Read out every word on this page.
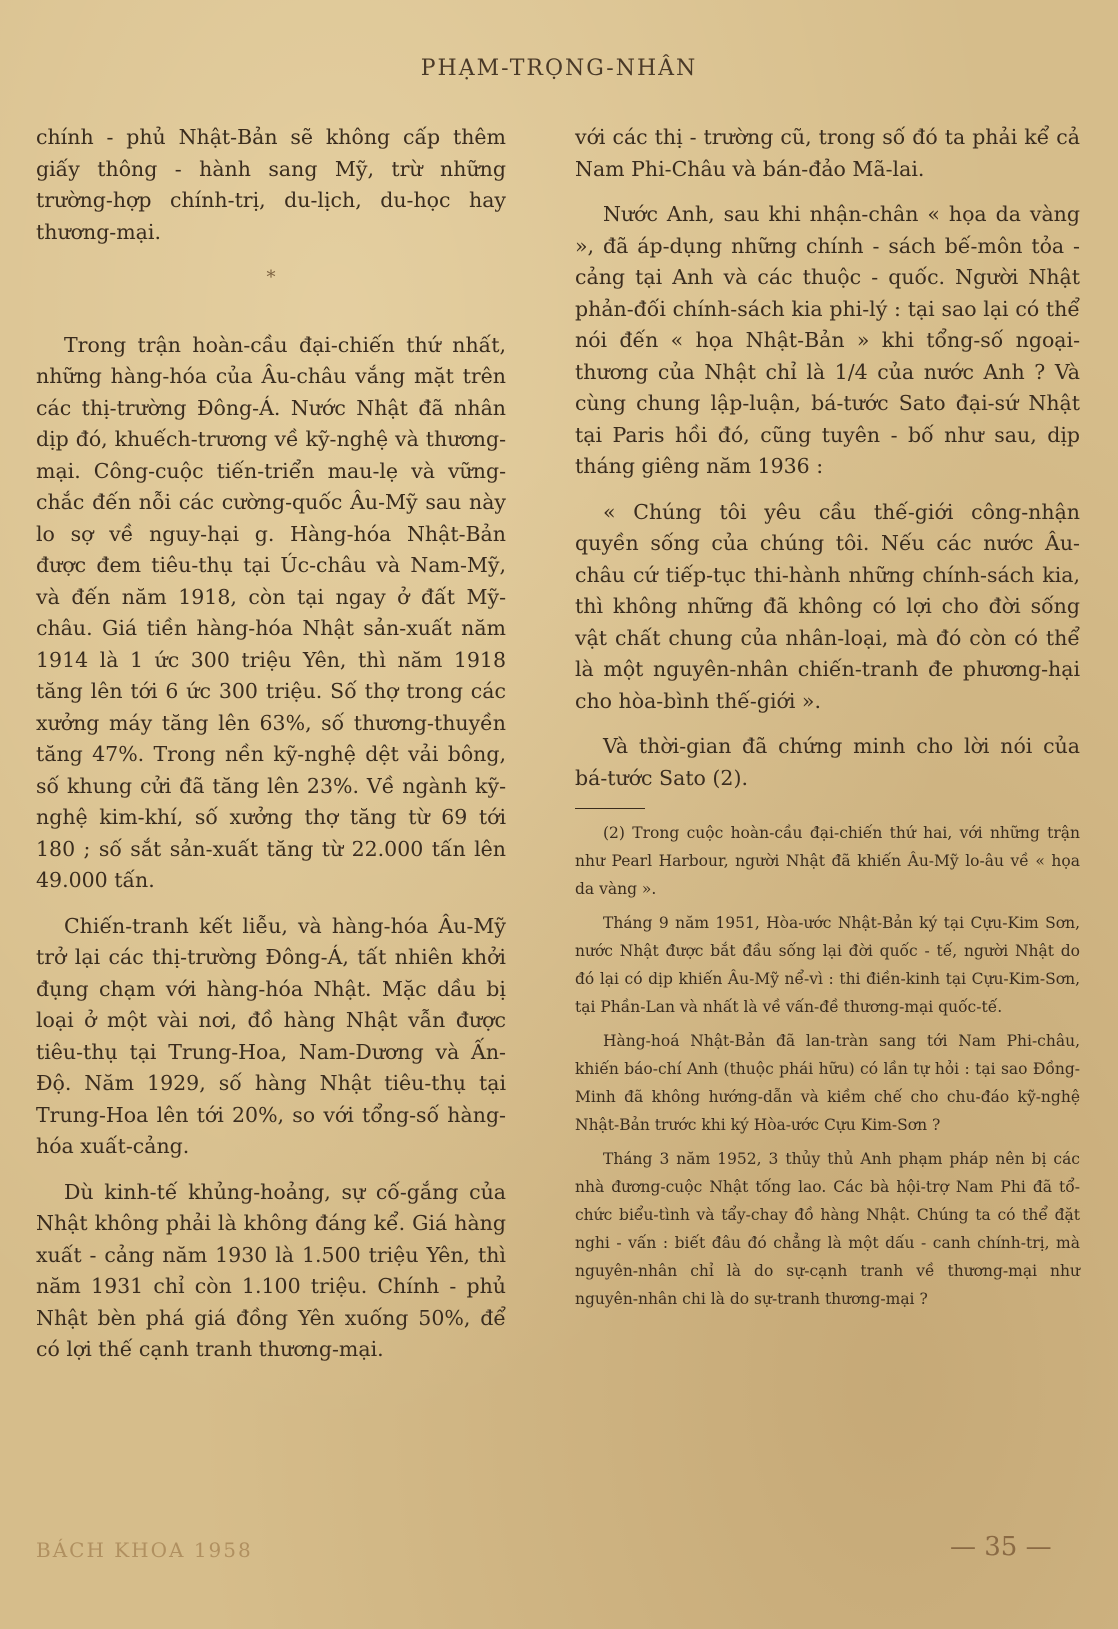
PHẠM-TRỌNG-NHÂN

chính - phủ Nhật-Bản sẽ không cấp thêm giấy thông - hành sang Mỹ, trừ những trường-hợp chính-trị, du-lịch, du-học hay thương-mại.

*

Trong trận hoàn-cầu đại-chiến thứ nhất, những hàng-hóa của Âu-châu vắng mặt trên các thị-trường Đông-Á. Nước Nhật đã nhân dịp đó, khuếch-trương về kỹ-nghệ và thương-mại. Công-cuộc tiến-triển mau-lẹ và vững-chắc đến nỗi các cường-quốc Âu-Mỹ sau này lo sợ về nguy-hại g. Hàng-hóa Nhật-Bản được đem tiêu-thụ tại Úc-châu và Nam-Mỹ, và đến năm 1918, còn tại ngay ở đất Mỹ-châu. Giá tiền hàng-hóa Nhật sản-xuất năm 1914 là 1 ức 300 triệu Yên, thì năm 1918 tăng lên tới 6 ức 300 triệu. Số thợ trong các xưởng máy tăng lên 63%, số thương-thuyền tăng 47%. Trong nền kỹ-nghệ dệt vải bông, số khung cửi đã tăng lên 23%. Về ngành kỹ-nghệ kim-khí, số xưởng thợ tăng từ 69 tới 180 ; số sắt sản-xuất tăng từ 22.000 tấn lên 49.000 tấn.

Chiến-tranh kết liễu, và hàng-hóa Âu-Mỹ trở lại các thị-trường Đông-Á, tất nhiên khởi đụng chạm với hàng-hóa Nhật. Mặc dầu bị loại ở một vài nơi, đồ hàng Nhật vẫn được tiêu-thụ tại Trung-Hoa, Nam-Dương và Ấn-Độ. Năm 1929, số hàng Nhật tiêu-thụ tại Trung-Hoa lên tới 20%, so với tổng-số hàng-hóa xuất-cảng.

Dù kinh-tế khủng-hoảng, sự cố-gắng của Nhật không phải là không đáng kể. Giá hàng xuất - cảng năm 1930 là 1.500 triệu Yên, thì năm 1931 chỉ còn 1.100 triệu. Chính - phủ Nhật bèn phá giá đồng Yên xuống 50%, để có lợi thế cạnh tranh thương-mại.

với các thị - trường cũ, trong số đó ta phải kể cả Nam Phi-Châu và bán-đảo Mã-lai.

Nước Anh, sau khi nhận-chân « họa da vàng », đã áp-dụng những chính - sách bế-môn tỏa - cảng tại Anh và các thuộc - quốc. Người Nhật phản-đối chính-sách kia phi-lý : tại sao lại có thể nói đến « họa Nhật-Bản » khi tổng-số ngoại-thương của Nhật chỉ là 1/4 của nước Anh ? Và cùng chung lập-luận, bá-tước Sato đại-sứ Nhật tại Paris hồi đó, cũng tuyên - bố như sau, dịp tháng giêng năm 1936 :

« Chúng tôi yêu cầu thế-giới công-nhận quyền sống của chúng tôi. Nếu các nước Âu-châu cứ tiếp-tục thi-hành những chính-sách kia, thì không những đã không có lợi cho đời sống vật chất chung của nhân-loại, mà đó còn có thể là một nguyên-nhân chiến-tranh đe phương-hại cho hòa-bình thế-giới ».

Và thời-gian đã chứng minh cho lời nói của bá-tước Sato (2).

(2) Trong cuộc hoàn-cầu đại-chiến thứ hai, với những trận như Pearl Harbour, người Nhật đã khiến Âu-Mỹ lo-âu về « họa da vàng ».

Tháng 9 năm 1951, Hòa-ước Nhật-Bản ký tại Cựu-Kim Sơn, nước Nhật được bắt đầu sống lại đời quốc - tế, người Nhật do đó lại có dịp khiến Âu-Mỹ nể-vì : thi điền-kinh tại Cựu-Kim-Sơn, tại Phần-Lan và nhất là về vấn-đề thương-mại quốc-tế.

Hàng-hoá Nhật-Bản đã lan-tràn sang tới Nam Phi-châu, khiến báo-chí Anh (thuộc phái hữu) có lần tự hỏi : tại sao Đồng-Minh đã không hướng-dẫn và kiềm chế cho chu-đáo kỹ-nghệ Nhật-Bản trước khi ký Hòa-ước Cựu Kim-Sơn ?

Tháng 3 năm 1952, 3 thủy thủ Anh phạm pháp nên bị các nhà đương-cuộc Nhật tống lao. Các bà hội-trợ Nam Phi đã tổ-chức biểu-tình và tẩy-chay đồ hàng Nhật. Chúng ta có thể đặt nghi - vấn : biết đâu đó chẳng là một dấu - canh chính-trị, mà nguyên-nhân chỉ là do sự-cạnh tranh về thương-mại như nguyên-nhân chi là do sự-tranh thương-mại ?

BÁCH KHOA 1958	— 35 —
